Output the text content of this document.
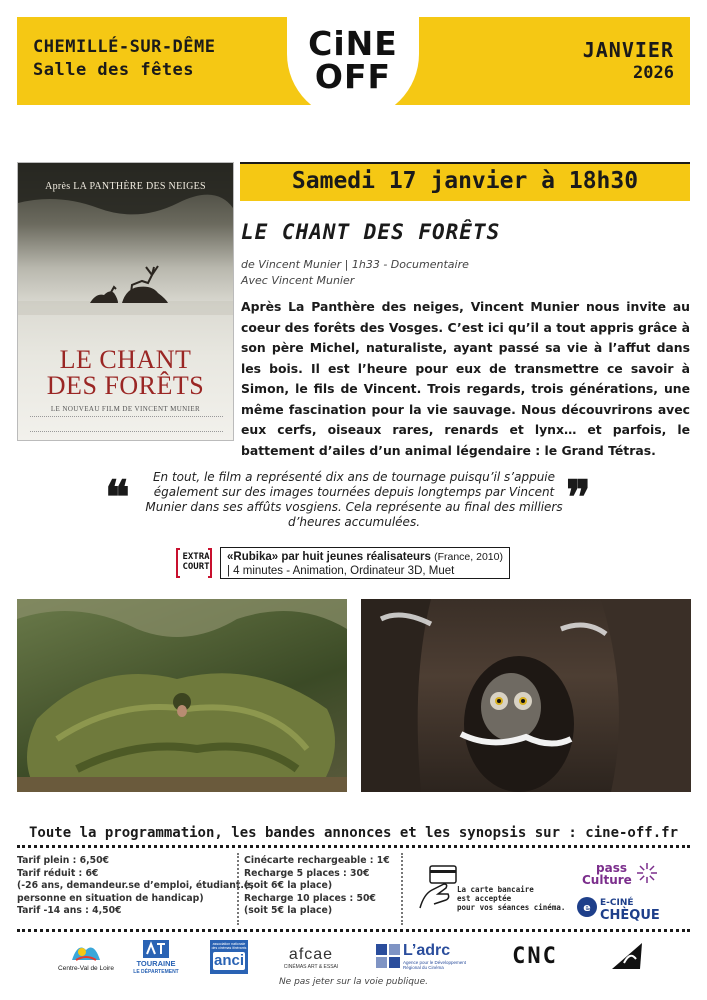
CHEMILLÉ-SUR-DÊME
Salle des fêtes
CiNE
OFF
JANVIER
2026
Après LA PANTHÈRE DES NEIGES
LE CHANT
DES FORÊTS
LE NOUVEAU FILM DE VINCENT MUNIER
Samedi 17 janvier à 18h30
LE CHANT DES FORÊTS
de Vincent Munier | 1h33 - Documentaire
Avec Vincent Munier
Après La Panthère des neiges, Vincent Munier nous invite au coeur des forêts des Vosges. C’est ici qu’il a tout appris grâce à son père Michel, naturaliste, ayant passé sa vie à l’affut dans les bois. Il est l’heure pour eux de transmettre ce savoir à Simon, le fils de Vincent. Trois regards, trois générations, une même fascination pour la vie sauvage. Nous découvrirons avec eux cerfs, oiseaux rares, renards et lynx… et parfois, le battement d’ailes d’un animal légendaire : le Grand Tétras.
❝	En tout, le film a représenté dix ans de tournage puisqu’il s’appuie également sur des images tournées depuis longtemps par Vincent Munier dans ses affûts vosgiens. Cela représente au final des milliers d’heures accumulées.	❞
EXTRA
COURT
«Rubika» par huit jeunes réalisateurs (France, 2010)
| 4 minutes - Animation, Ordinateur 3D, Muet
Toute la programmation, les bandes annonces et les synopsis sur : cine-off.fr
Tarif plein : 6,50€
Tarif réduit : 6€
(-26 ans, demandeur.se d’emploi, étudiant.e,
personne en situation de handicap)
Tarif -14 ans : 4,50€
Cinécarte rechargeable : 1€
Recharge 5 places : 30€
(soit 6€ la place)
Recharge 10 places : 50€
(soit 5€ la place)
La carte bancaire
est acceptée
pour vos séances cinéma.
pass
Culture
e E-CINÉ
CHÈQUE
Centre-Val de Loire
TOURAINE
LE DÉPARTEMENT
association nationale des cinémas itinérants
anci	afcae
CINÉMAS ART & ESSAI
L’adrc
Agence pour le Développement Régional du Cinéma	CNC
Ne pas jeter sur la voie publique.
